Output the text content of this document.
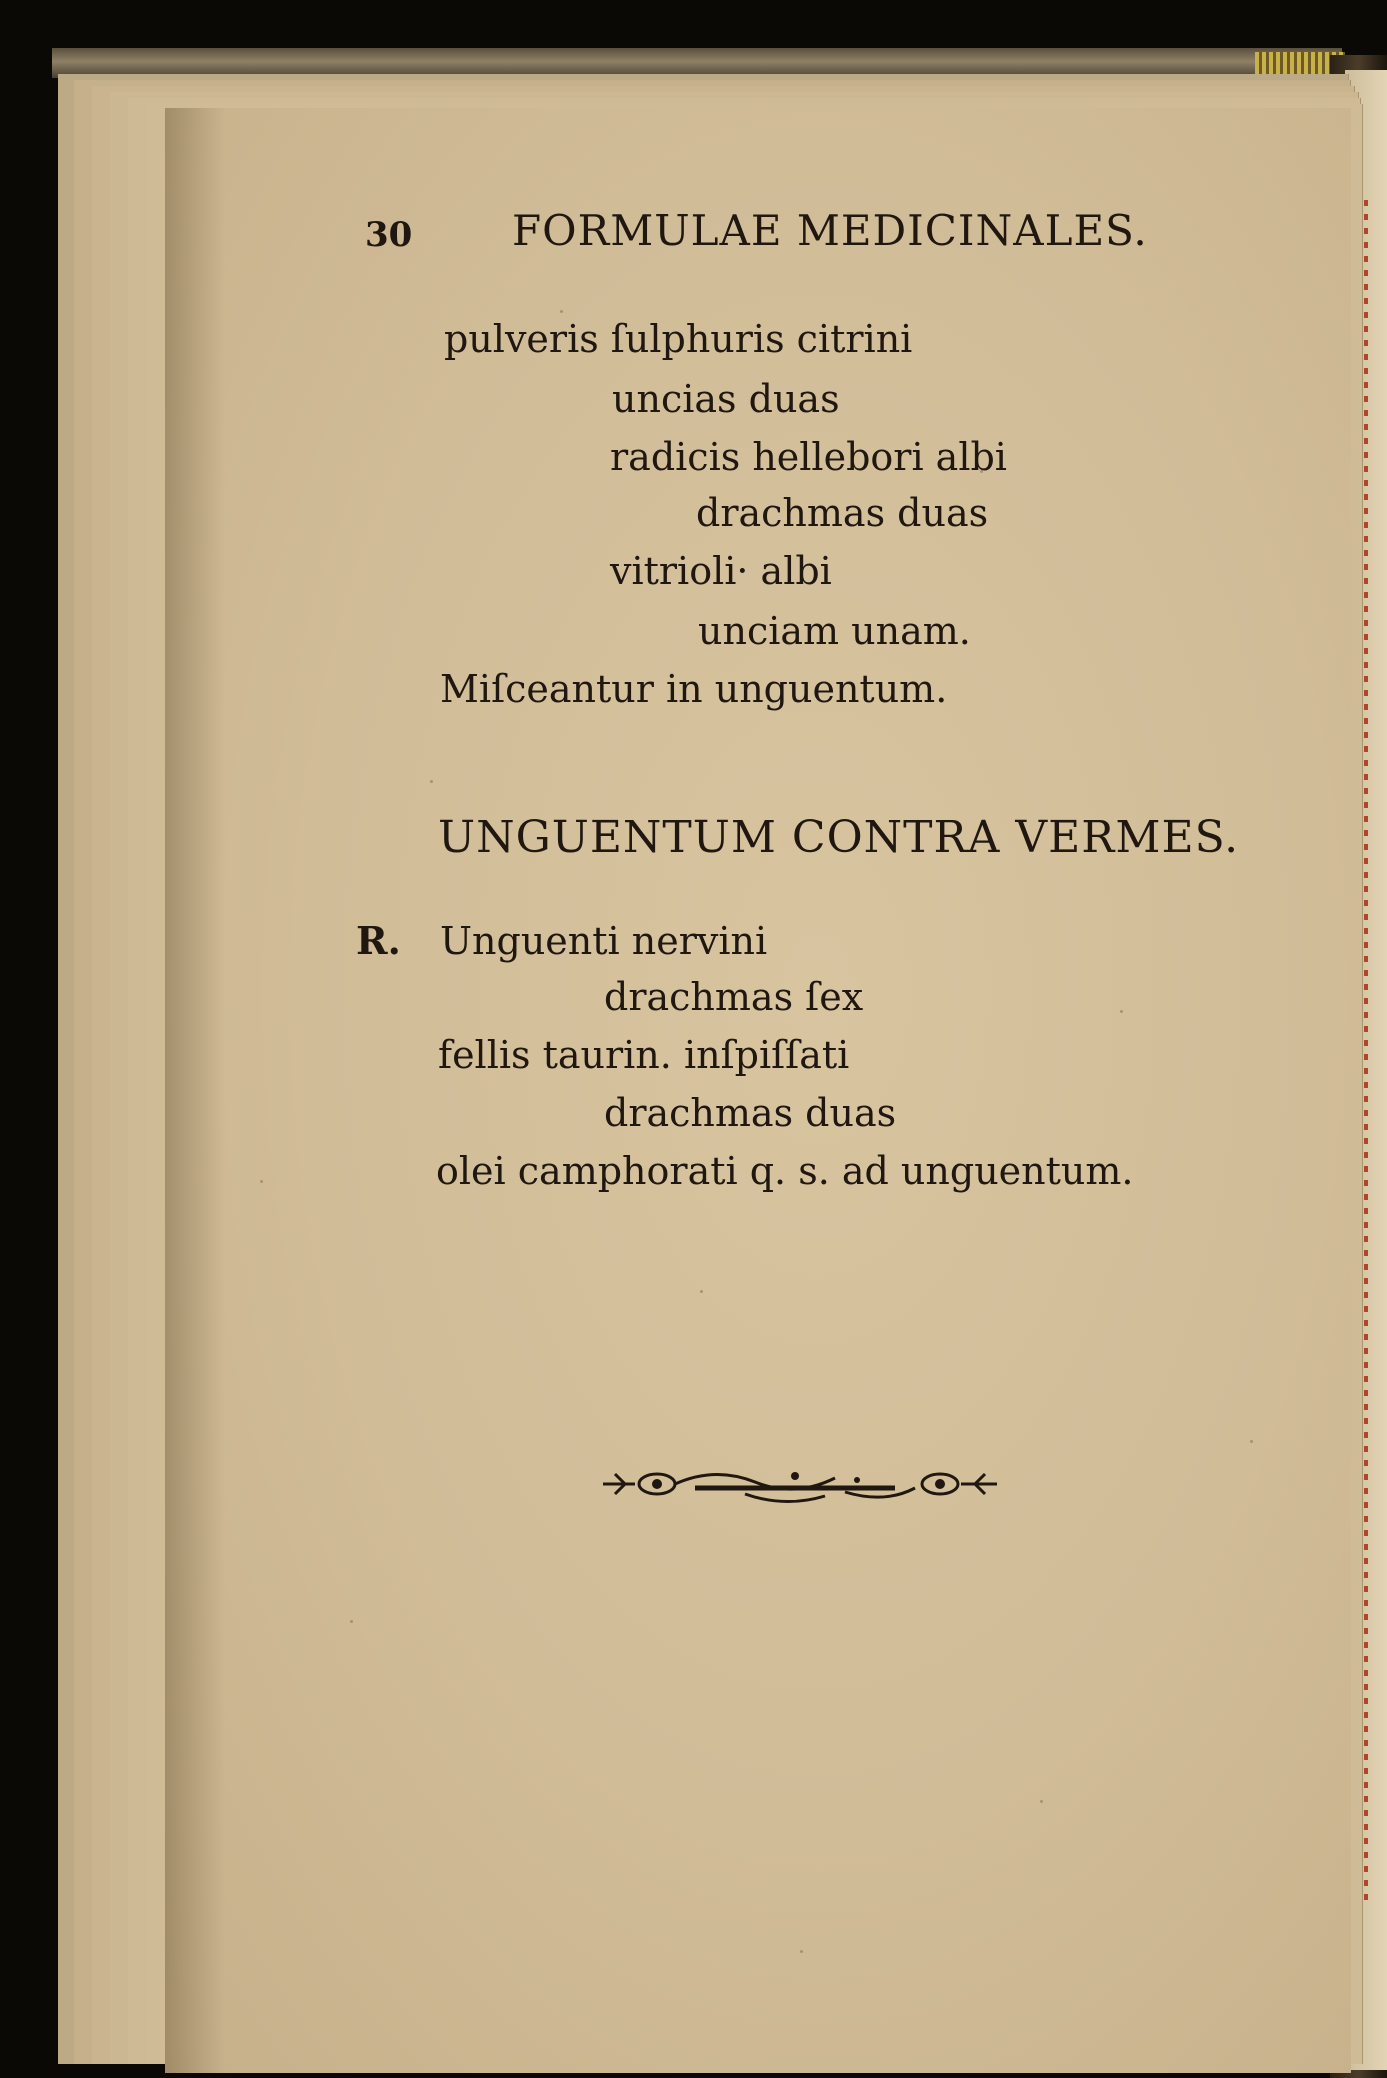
30 FORMULAE MEDICINALES.
pulveris ſulphuris citrini
uncias duas
radicis hellebori albi
drachmas duas
vitrioli· albi
unciam unam.
Miſceantur in unguentum.
UNGUENTUM CONTRA VERMES.
R. Unguenti nervini
drachmas ſex
fellis taurin. inſpiſſati
drachmas duas
olei camphorati q. s. ad unguentum.
